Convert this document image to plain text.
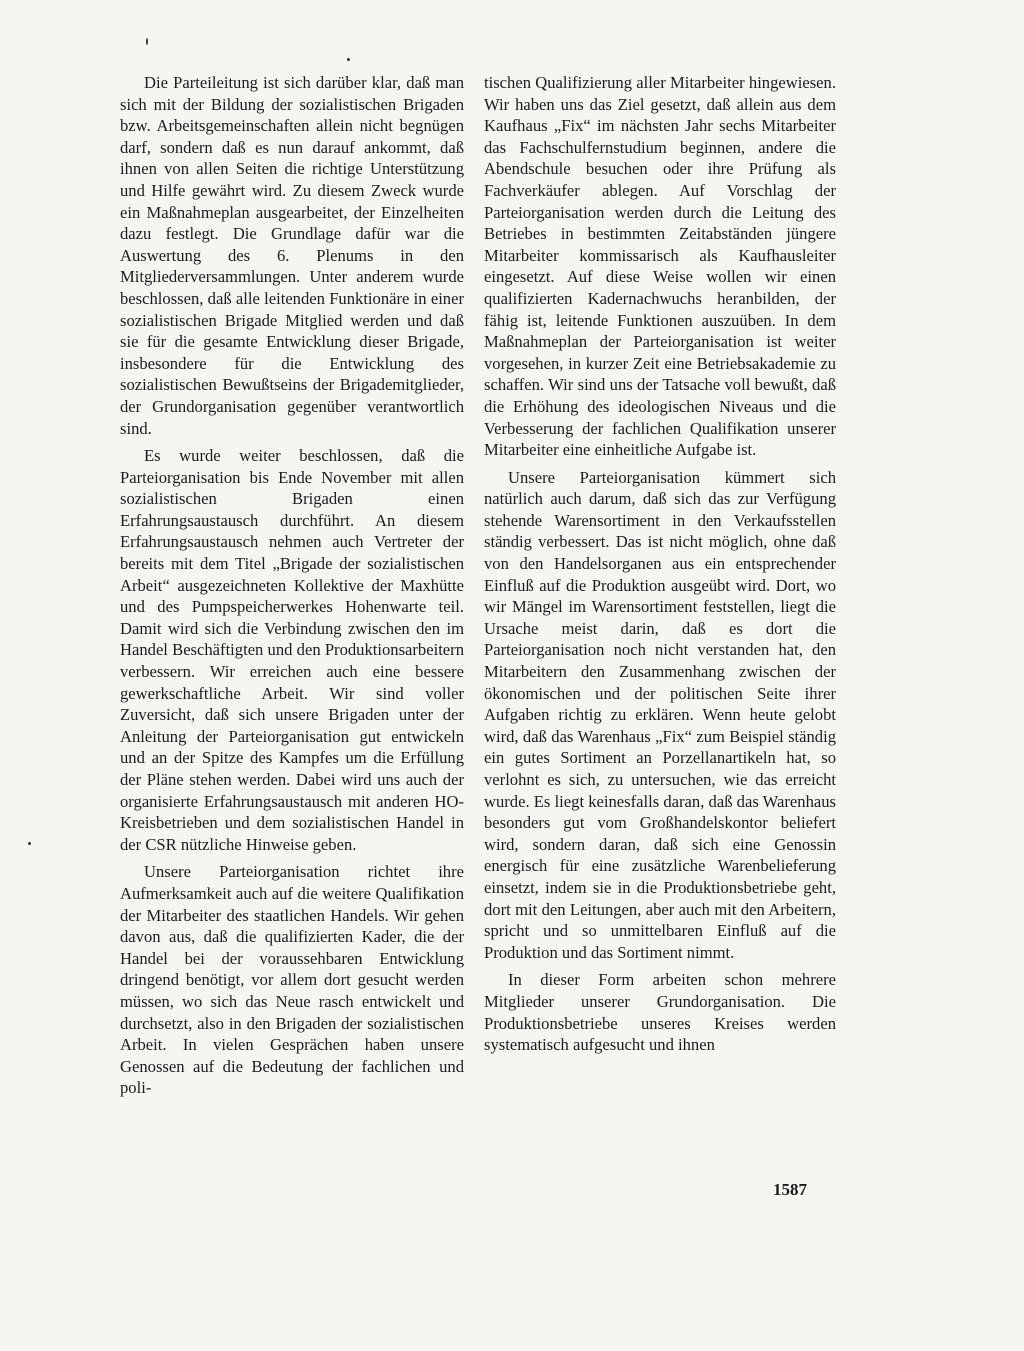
Die Parteileitung ist sich darüber klar, daß man sich mit der Bildung der sozialistischen Brigaden bzw. Arbeitsgemeinschaften allein nicht begnügen darf, sondern daß es nun darauf ankommt, daß ihnen von allen Seiten die richtige Unterstützung und Hilfe gewährt wird. Zu diesem Zweck wurde ein Maßnahmeplan ausgearbeitet, der Einzelheiten dazu festlegt. Die Grundlage dafür war die Auswertung des 6. Plenums in den Mitgliederversammlungen. Unter anderem wurde beschlossen, daß alle leitenden Funktionäre in einer sozialistischen Brigade Mitglied werden und daß sie für die gesamte Entwicklung dieser Brigade, insbesondere für die Entwicklung des sozialistischen Bewußtseins der Brigademitglieder, der Grundorganisation gegenüber verantwortlich sind.

Es wurde weiter beschlossen, daß die Parteiorganisation bis Ende November mit allen sozialistischen Brigaden einen Erfahrungsaustausch durchführt. An diesem Erfahrungsaustausch nehmen auch Vertreter der bereits mit dem Titel „Brigade der sozialistischen Arbeit“ ausgezeichneten Kollektive der Maxhütte und des Pumpspeicherwerkes Hohenwarte teil. Damit wird sich die Verbindung zwischen den im Handel Beschäftigten und den Produktionsarbeitern verbessern. Wir erreichen auch eine bessere gewerkschaftliche Arbeit. Wir sind voller Zuversicht, daß sich unsere Brigaden unter der Anleitung der Parteiorganisation gut entwickeln und an der Spitze des Kampfes um die Erfüllung der Pläne stehen werden. Dabei wird uns auch der organisierte Erfahrungsaustausch mit anderen HO-Kreisbetrieben und dem sozialistischen Handel in der CSR nützliche Hinweise geben.

Unsere Parteiorganisation richtet ihre Aufmerksamkeit auch auf die weitere Qualifikation der Mitarbeiter des staatlichen Handels. Wir gehen davon aus, daß die qualifizierten Kader, die der Handel bei der voraussehbaren Entwicklung dringend benötigt, vor allem dort gesucht werden müssen, wo sich das Neue rasch entwickelt und durchsetzt, also in den Brigaden der sozialistischen Arbeit. In vielen Gesprächen haben unsere Genossen auf die Bedeutung der fachlichen und poli-

tischen Qualifizierung aller Mitarbeiter hingewiesen. Wir haben uns das Ziel gesetzt, daß allein aus dem Kaufhaus „Fix“ im nächsten Jahr sechs Mitarbeiter das Fachschulfernstudium beginnen, andere die Abendschule besuchen oder ihre Prüfung als Fachverkäufer ablegen. Auf Vorschlag der Parteiorganisation werden durch die Leitung des Betriebes in bestimmten Zeitabständen jüngere Mitarbeiter kommissarisch als Kaufhausleiter eingesetzt. Auf diese Weise wollen wir einen qualifizierten Kadernachwuchs heranbilden, der fähig ist, leitende Funktionen auszuüben. In dem Maßnahmeplan der Parteiorganisation ist weiter vorgesehen, in kurzer Zeit eine Betriebsakademie zu schaffen. Wir sind uns der Tatsache voll bewußt, daß die Erhöhung des ideologischen Niveaus und die Verbesserung der fachlichen Qualifikation unserer Mitarbeiter eine einheitliche Aufgabe ist.

Unsere Parteiorganisation kümmert sich natürlich auch darum, daß sich das zur Verfügung stehende Warensortiment in den Verkaufsstellen ständig verbessert. Das ist nicht möglich, ohne daß von den Handelsorganen aus ein entsprechender Einfluß auf die Produktion ausgeübt wird. Dort, wo wir Mängel im Warensortiment feststellen, liegt die Ursache meist darin, daß es dort die Parteiorganisation noch nicht verstanden hat, den Mitarbeitern den Zusammenhang zwischen der ökonomischen und der politischen Seite ihrer Aufgaben richtig zu erklären. Wenn heute gelobt wird, daß das Warenhaus „Fix“ zum Beispiel ständig ein gutes Sortiment an Porzellanartikeln hat, so verlohnt es sich, zu untersuchen, wie das erreicht wurde. Es liegt keinesfalls daran, daß das Warenhaus besonders gut vom Großhandelskontor beliefert wird, sondern daran, daß sich eine Genossin energisch für eine zusätzliche Warenbelieferung einsetzt, indem sie in die Produktionsbetriebe geht, dort mit den Leitungen, aber auch mit den Arbeitern, spricht und so unmittelbaren Einfluß auf die Produktion und das Sortiment nimmt.

In dieser Form arbeiten schon mehrere Mitglieder unserer Grundorganisation. Die Produktionsbetriebe unseres Kreises werden systematisch aufgesucht und ihnen

1587
